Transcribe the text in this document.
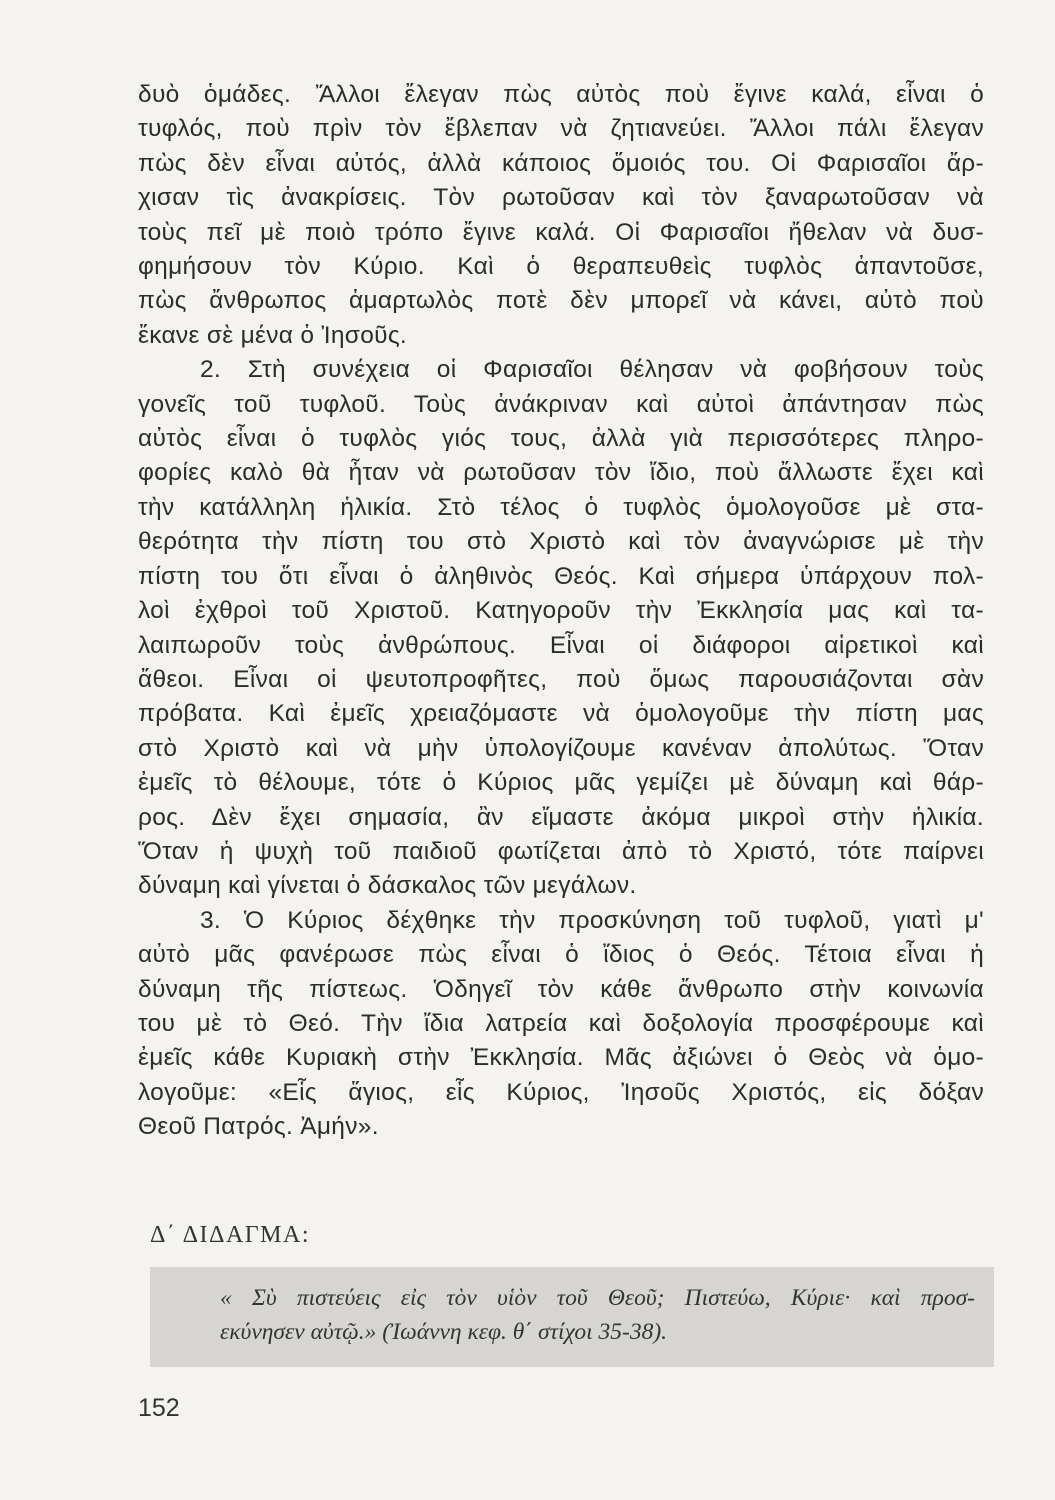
δυὸ ὁμάδες. Ἄλλοι ἔλεγαν πὼς αὐτὸς ποὺ ἔγινε καλά, εἶναι ὁ
τυφλός, ποὺ πρὶν τὸν ἔβλεπαν νὰ ζητιανεύει. Ἄλλοι πάλι ἔλεγαν
πὼς δὲν εἶναι αὐτός, ἀλλὰ κάποιος ὅμοιός του. Οἱ Φαρισαῖοι ἄρ-
χισαν τὶς ἀνακρίσεις. Τὸν ρωτοῦσαν καὶ τὸν ξαναρωτοῦσαν νὰ
τοὺς πεῖ μὲ ποιὸ τρόπο ἔγινε καλά. Οἱ Φαρισαῖοι ἤθελαν νὰ δυσ-
φημήσουν τὸν Κύριο. Καὶ ὁ θεραπευθεὶς τυφλὸς ἀπαντοῦσε,
πὼς ἄνθρωπος ἁμαρτωλὸς ποτὲ δὲν μπορεῖ νὰ κάνει, αὐτὸ ποὺ
ἔκανε σὲ μένα ὁ Ἰησοῦς.
2. Στὴ συνέχεια οἱ Φαρισαῖοι θέλησαν νὰ φοβήσουν τοὺς
γονεῖς τοῦ τυφλοῦ. Τοὺς ἀνάκριναν καὶ αὐτοὶ ἀπάντησαν πὼς
αὐτὸς εἶναι ὁ τυφλὸς γιός τους, ἀλλὰ γιὰ περισσότερες πληρο-
φορίες καλὸ θὰ ἦταν νὰ ρωτοῦσαν τὸν ἴδιο, ποὺ ἄλλωστε ἔχει καὶ
τὴν κατάλληλη ἡλικία. Στὸ τέλος ὁ τυφλὸς ὁμολογοῦσε μὲ στα-
θερότητα τὴν πίστη του στὸ Χριστὸ καὶ τὸν ἀναγνώρισε μὲ τὴν
πίστη του ὅτι εἶναι ὁ ἀληθινὸς Θεός. Καὶ σήμερα ὑπάρχουν πολ-
λοὶ ἐχθροὶ τοῦ Χριστοῦ. Κατηγοροῦν τὴν Ἐκκλησία μας καὶ τα-
λαιπωροῦν τοὺς ἀνθρώπους. Εἶναι οἱ διάφοροι αἱρετικοὶ καὶ
ἄθεοι. Εἶναι οἱ ψευτοπροφῆτες, ποὺ ὅμως παρουσιάζονται σὰν
πρόβατα. Καὶ ἐμεῖς χρειαζόμαστε νὰ ὁμολογοῦμε τὴν πίστη μας
στὸ Χριστὸ καὶ νὰ μὴν ὑπολογίζουμε κανέναν ἀπολύτως. Ὅταν
ἐμεῖς τὸ θέλουμε, τότε ὁ Κύριος μᾶς γεμίζει μὲ δύναμη καὶ θάρ-
ρος. Δὲν ἔχει σημασία, ἂν εἴμαστε ἀκόμα μικροὶ στὴν ἡλικία.
Ὅταν ἡ ψυχὴ τοῦ παιδιοῦ φωτίζεται ἀπὸ τὸ Χριστό, τότε παίρνει
δύναμη καὶ γίνεται ὁ δάσκαλος τῶν μεγάλων.
3. Ὁ Κύριος δέχθηκε τὴν προσκύνηση τοῦ τυφλοῦ, γιατὶ μ'
αὐτὸ μᾶς φανέρωσε πὼς εἶναι ὁ ἴδιος ὁ Θεός. Τέτοια εἶναι ἡ
δύναμη τῆς πίστεως. Ὁδηγεῖ τὸν κάθε ἄνθρωπο στὴν κοινωνία
του μὲ τὸ Θεό. Τὴν ἴδια λατρεία καὶ δοξολογία προσφέρουμε καὶ
ἐμεῖς κάθε Κυριακὴ στὴν Ἐκκλησία. Μᾶς ἀξιώνει ὁ Θεὸς νὰ ὁμο-
λογοῦμε: «Εἷς ἅγιος, εἷς Κύριος, Ἰησοῦς Χριστός, εἰς δόξαν
Θεοῦ Πατρός. Ἀμήν».
Δ΄ ΔΙΔΑΓΜΑ:
« Σὺ πιστεύεις εἰς τὸν υἱὸν τοῦ Θεοῦ; Πιστεύω, Κύριε· καὶ προσ-
εκύνησεν αὐτῷ.» (Ἰωάννη κεφ. θ΄ στίχοι 35-38).
152
